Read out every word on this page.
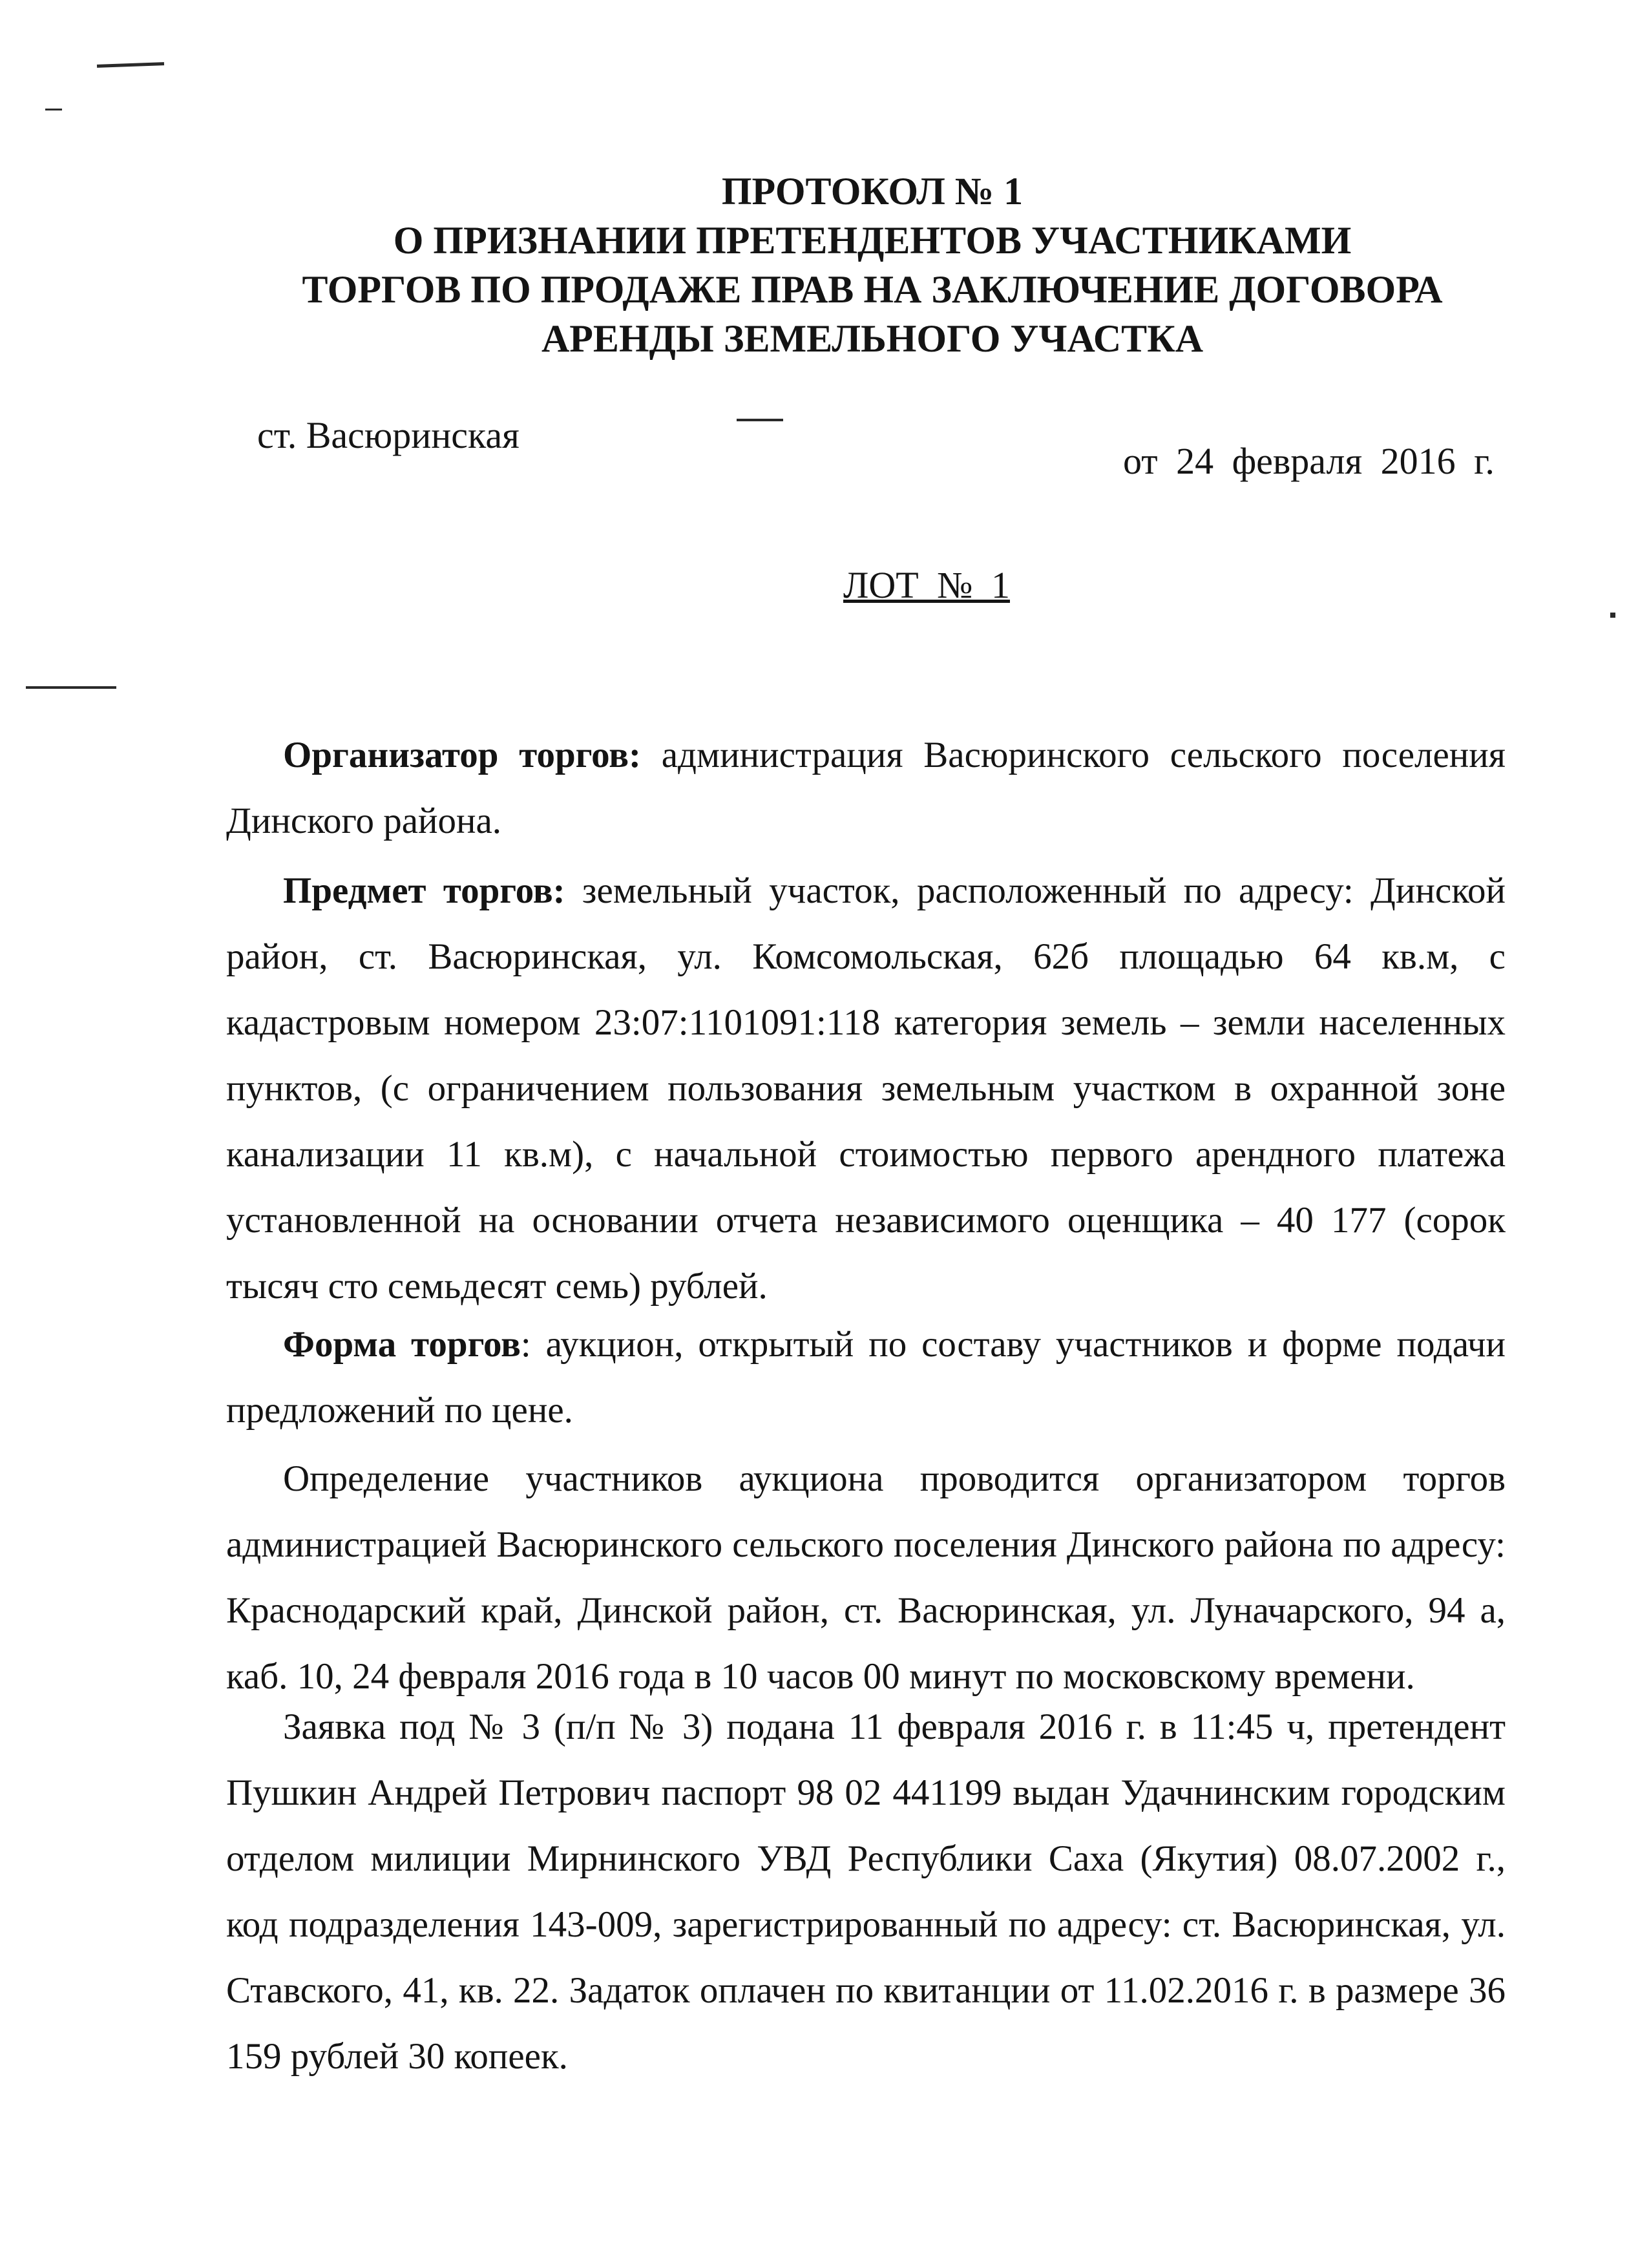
ПРОТОКОЛ № 1
О ПРИЗНАНИИ ПРЕТЕНДЕНТОВ УЧАСТНИКАМИ
ТОРГОВ ПО ПРОДАЖЕ ПРАВ НА ЗАКЛЮЧЕНИЕ ДОГОВОРА
АРЕНДЫ ЗЕМЕЛЬНОГО УЧАСТКА
ст. Васюринская
от 24 февраля 2016 г.
ЛОТ № 1
Организатор торгов: администрация Васюринского сельского поселения Динского района.
Предмет торгов: земельный участок, расположенный по адресу: Динской район, ст. Васюринская, ул. Комсомольская, 62б площадью 64 кв.м, с кадастровым номером 23:07:1101091:118 категория земель – земли населенных пунктов, (с ограничением пользования земельным участком в охранной зоне канализации 11 кв.м), с начальной стоимостью первого арендного платежа установленной на основании отчета независимого оценщика – 40 177 (сорок тысяч сто семьдесят семь) рублей.
Форма торгов: аукцион, открытый по составу участников и форме подачи предложений по цене.
Определение участников аукциона проводится организатором торгов администрацией Васюринского сельского поселения Динского района по адресу: Краснодарский край, Динской район, ст. Васюринская, ул. Луначарского, 94 а, каб. 10, 24 февраля 2016 года в 10 часов 00 минут по московскому времени.
Заявка под № 3 (п/п № 3) подана 11 февраля 2016 г. в 11:45 ч, претендент Пушкин Андрей Петрович паспорт 98 02 441199 выдан Удачнинским городским отделом милиции Мирнинского УВД Республики Саха (Якутия) 08.07.2002 г., код подразделения 143-009, зарегистрированный по адресу: ст. Васюринская, ул. Ставского, 41, кв. 22. Задаток оплачен по квитанции от 11.02.2016 г. в размере 36 159 рублей 30 копеек.
